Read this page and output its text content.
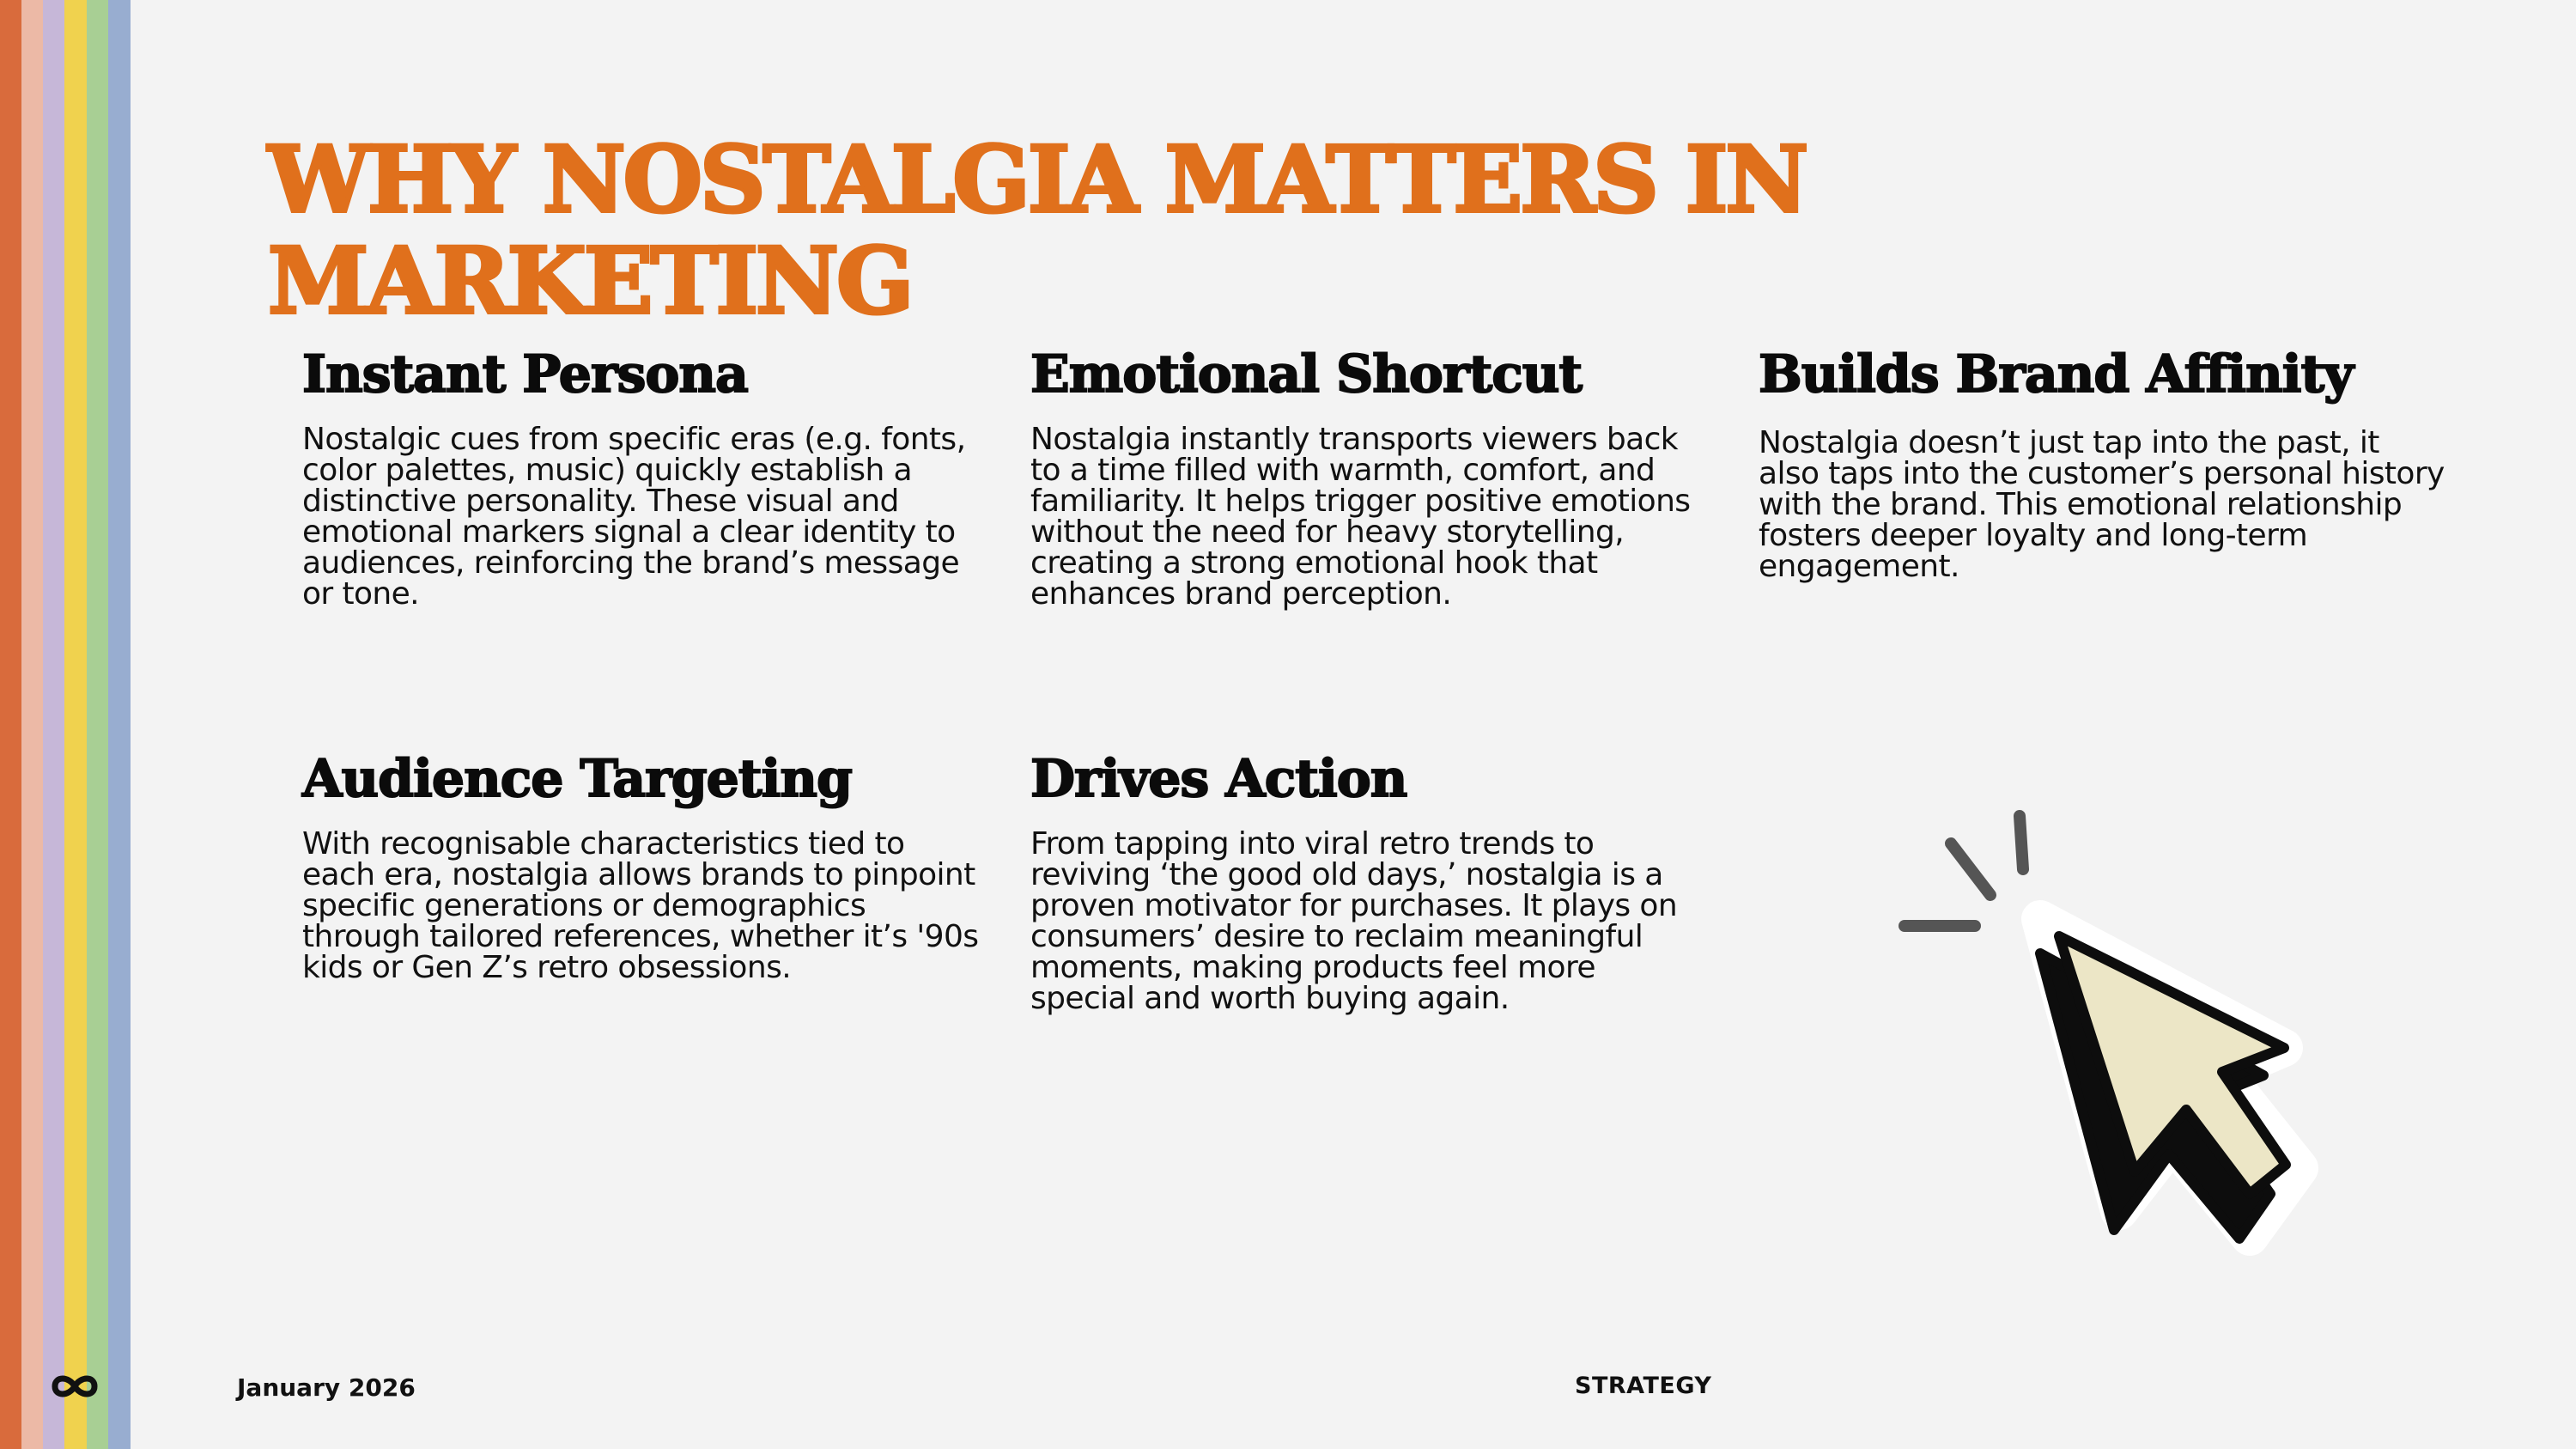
WHY NOSTALGIA MATTERS IN MARKETING
Instant Persona

Nostalgic cues from specific eras (e.g. fonts, color palettes, music) quickly establish a distinctive personality. These visual and emotional markers signal a clear identity to audiences, reinforcing the brand’s message or tone.

Emotional Shortcut

Nostalgia instantly transports viewers back to a time filled with warmth, comfort, and familiarity. It helps trigger positive emotions without the need for heavy storytelling, creating a strong emotional hook that enhances brand perception.

Builds Brand Affinity

Nostalgia doesn’t just tap into the past, it also taps into the customer’s personal history with the brand. This emotional relationship fosters deeper loyalty and long-term engagement.

Audience Targeting

With recognisable characteristics tied to each era, nostalgia allows brands to pinpoint specific generations or demographics through tailored references, whether it’s '90s kids or Gen Z’s retro obsessions.

Drives Action

From tapping into viral retro trends to reviving ‘the good old days,’ nostalgia is a proven motivator for purchases. It plays on consumers’ desire to reclaim meaningful moments, making products feel more special and worth buying again.

January 2026	STRATEGY
